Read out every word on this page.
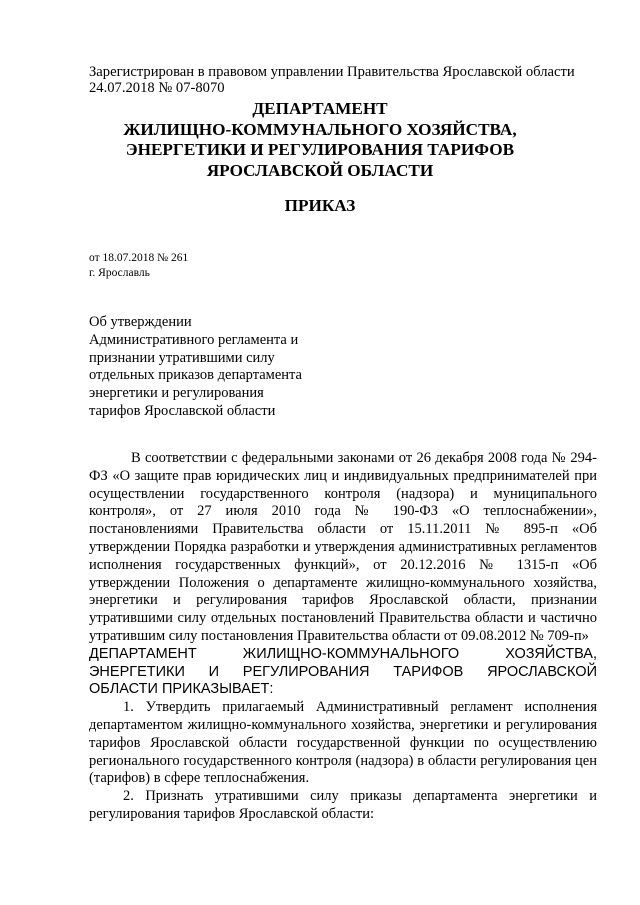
Зарегистрирован в правовом управлении Правительства Ярославской области
24.07.2018 № 07-8070
ДЕПАРТАМЕНТ
ЖИЛИЩНО-КОММУНАЛЬНОГО ХОЗЯЙСТВА,
ЭНЕРГЕТИКИ И РЕГУЛИРОВАНИЯ ТАРИФОВ
ЯРОСЛАВСКОЙ ОБЛАСТИ
ПРИКАЗ
от 18.07.2018 № 261
г. Ярославль
Об утверждении
Административного регламента и
признании утратившими силу
отдельных приказов департамента
энергетики и регулирования
тарифов Ярославской области

В соответствии с федеральными законами от 26 декабря 2008 года № 294-ФЗ «О защите прав юридических лиц и индивидуальных предпринимателей при осуществлении государственного контроля (надзора) и муниципального контроля», от 27 июля 2010 года № 190-ФЗ «О теплоснабжении», постановлениями Правительства области от 15.11.2011 № 895-п «Об утверждении Порядка разработки и утверждения административных регламентов исполнения государственных функций», от 20.12.2016 № 1315-п «Об утверждении Положения о департаменте жилищно-коммунального хозяйства, энергетики и регулирования тарифов Ярославской области, признании утратившими силу отдельных постановлений Правительства области и частично утратившим силу постановления Правительства области от 09.08.2012 № 709-п»

ДЕПАРТАМЕНТ ЖИЛИЩНО-КОММУНАЛЬНОГО ХОЗЯЙСТВА,

ЭНЕРГЕТИКИ И РЕГУЛИРОВАНИЯ ТАРИФОВ ЯРОСЛАВСКОЙ

ОБЛАСТИ ПРИКАЗЫВАЕТ:

1. Утвердить прилагаемый Административный регламент исполнения департаментом жилищно-коммунального хозяйства, энергетики и регулирования тарифов Ярославской области государственной функции по осуществлению регионального государственного контроля (надзора) в области регулирования цен (тарифов) в сфере теплоснабжения.

2. Признать утратившими силу приказы департамента энергетики и регулирования тарифов Ярославской области:
